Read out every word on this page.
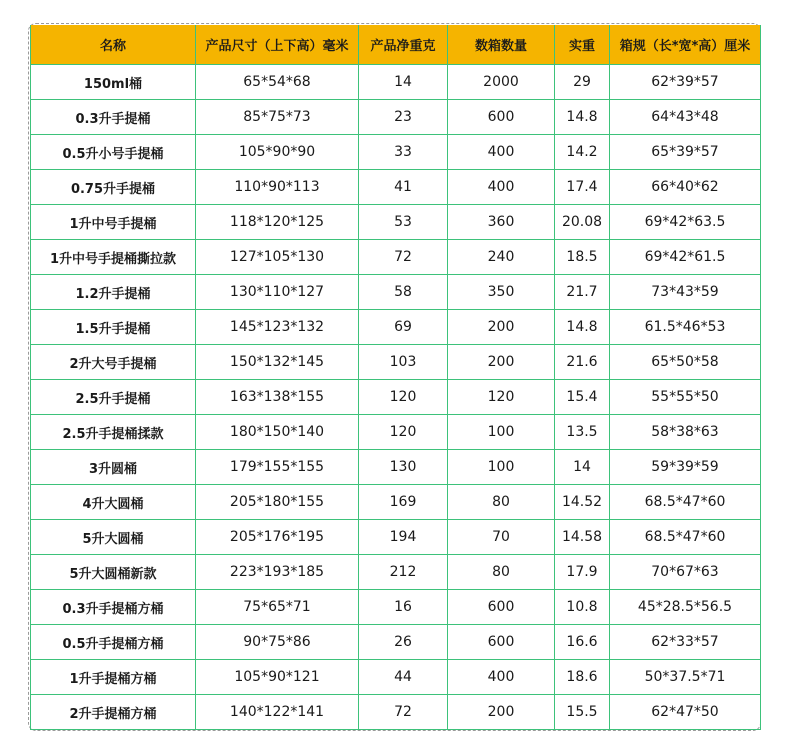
名称	产品尺寸（上下高）毫米	产品净重克	数箱数量	实重	箱规（长*宽*高）厘米
150ml桶	65*54*68	14	2000	29	62*39*57
0.3升手提桶	85*75*73	23	600	14.8	64*43*48
0.5升小号手提桶	105*90*90	33	400	14.2	65*39*57
0.75升手提桶	110*90*113	41	400	17.4	66*40*62
1升中号手提桶	118*120*125	53	360	20.08	69*42*63.5
1升中号手提桶撕拉款	127*105*130	72	240	18.5	69*42*61.5
1.2升手提桶	130*110*127	58	350	21.7	73*43*59
1.5升手提桶	145*123*132	69	200	14.8	61.5*46*53
2升大号手提桶	150*132*145	103	200	21.6	65*50*58
2.5升手提桶	163*138*155	120	120	15.4	55*55*50
2.5升手提桶揉款	180*150*140	120	100	13.5	58*38*63
3升圆桶	179*155*155	130	100	14	59*39*59
4升大圆桶	205*180*155	169	80	14.52	68.5*47*60
5升大圆桶	205*176*195	194	70	14.58	68.5*47*60
5升大圆桶新款	223*193*185	212	80	17.9	70*67*63
0.3升手提桶方桶	75*65*71	16	600	10.8	45*28.5*56.5
0.5升手提桶方桶	90*75*86	26	600	16.6	62*33*57
1升手提桶方桶	105*90*121	44	400	18.6	50*37.5*71
2升手提桶方桶	140*122*141	72	200	15.5	62*47*50
